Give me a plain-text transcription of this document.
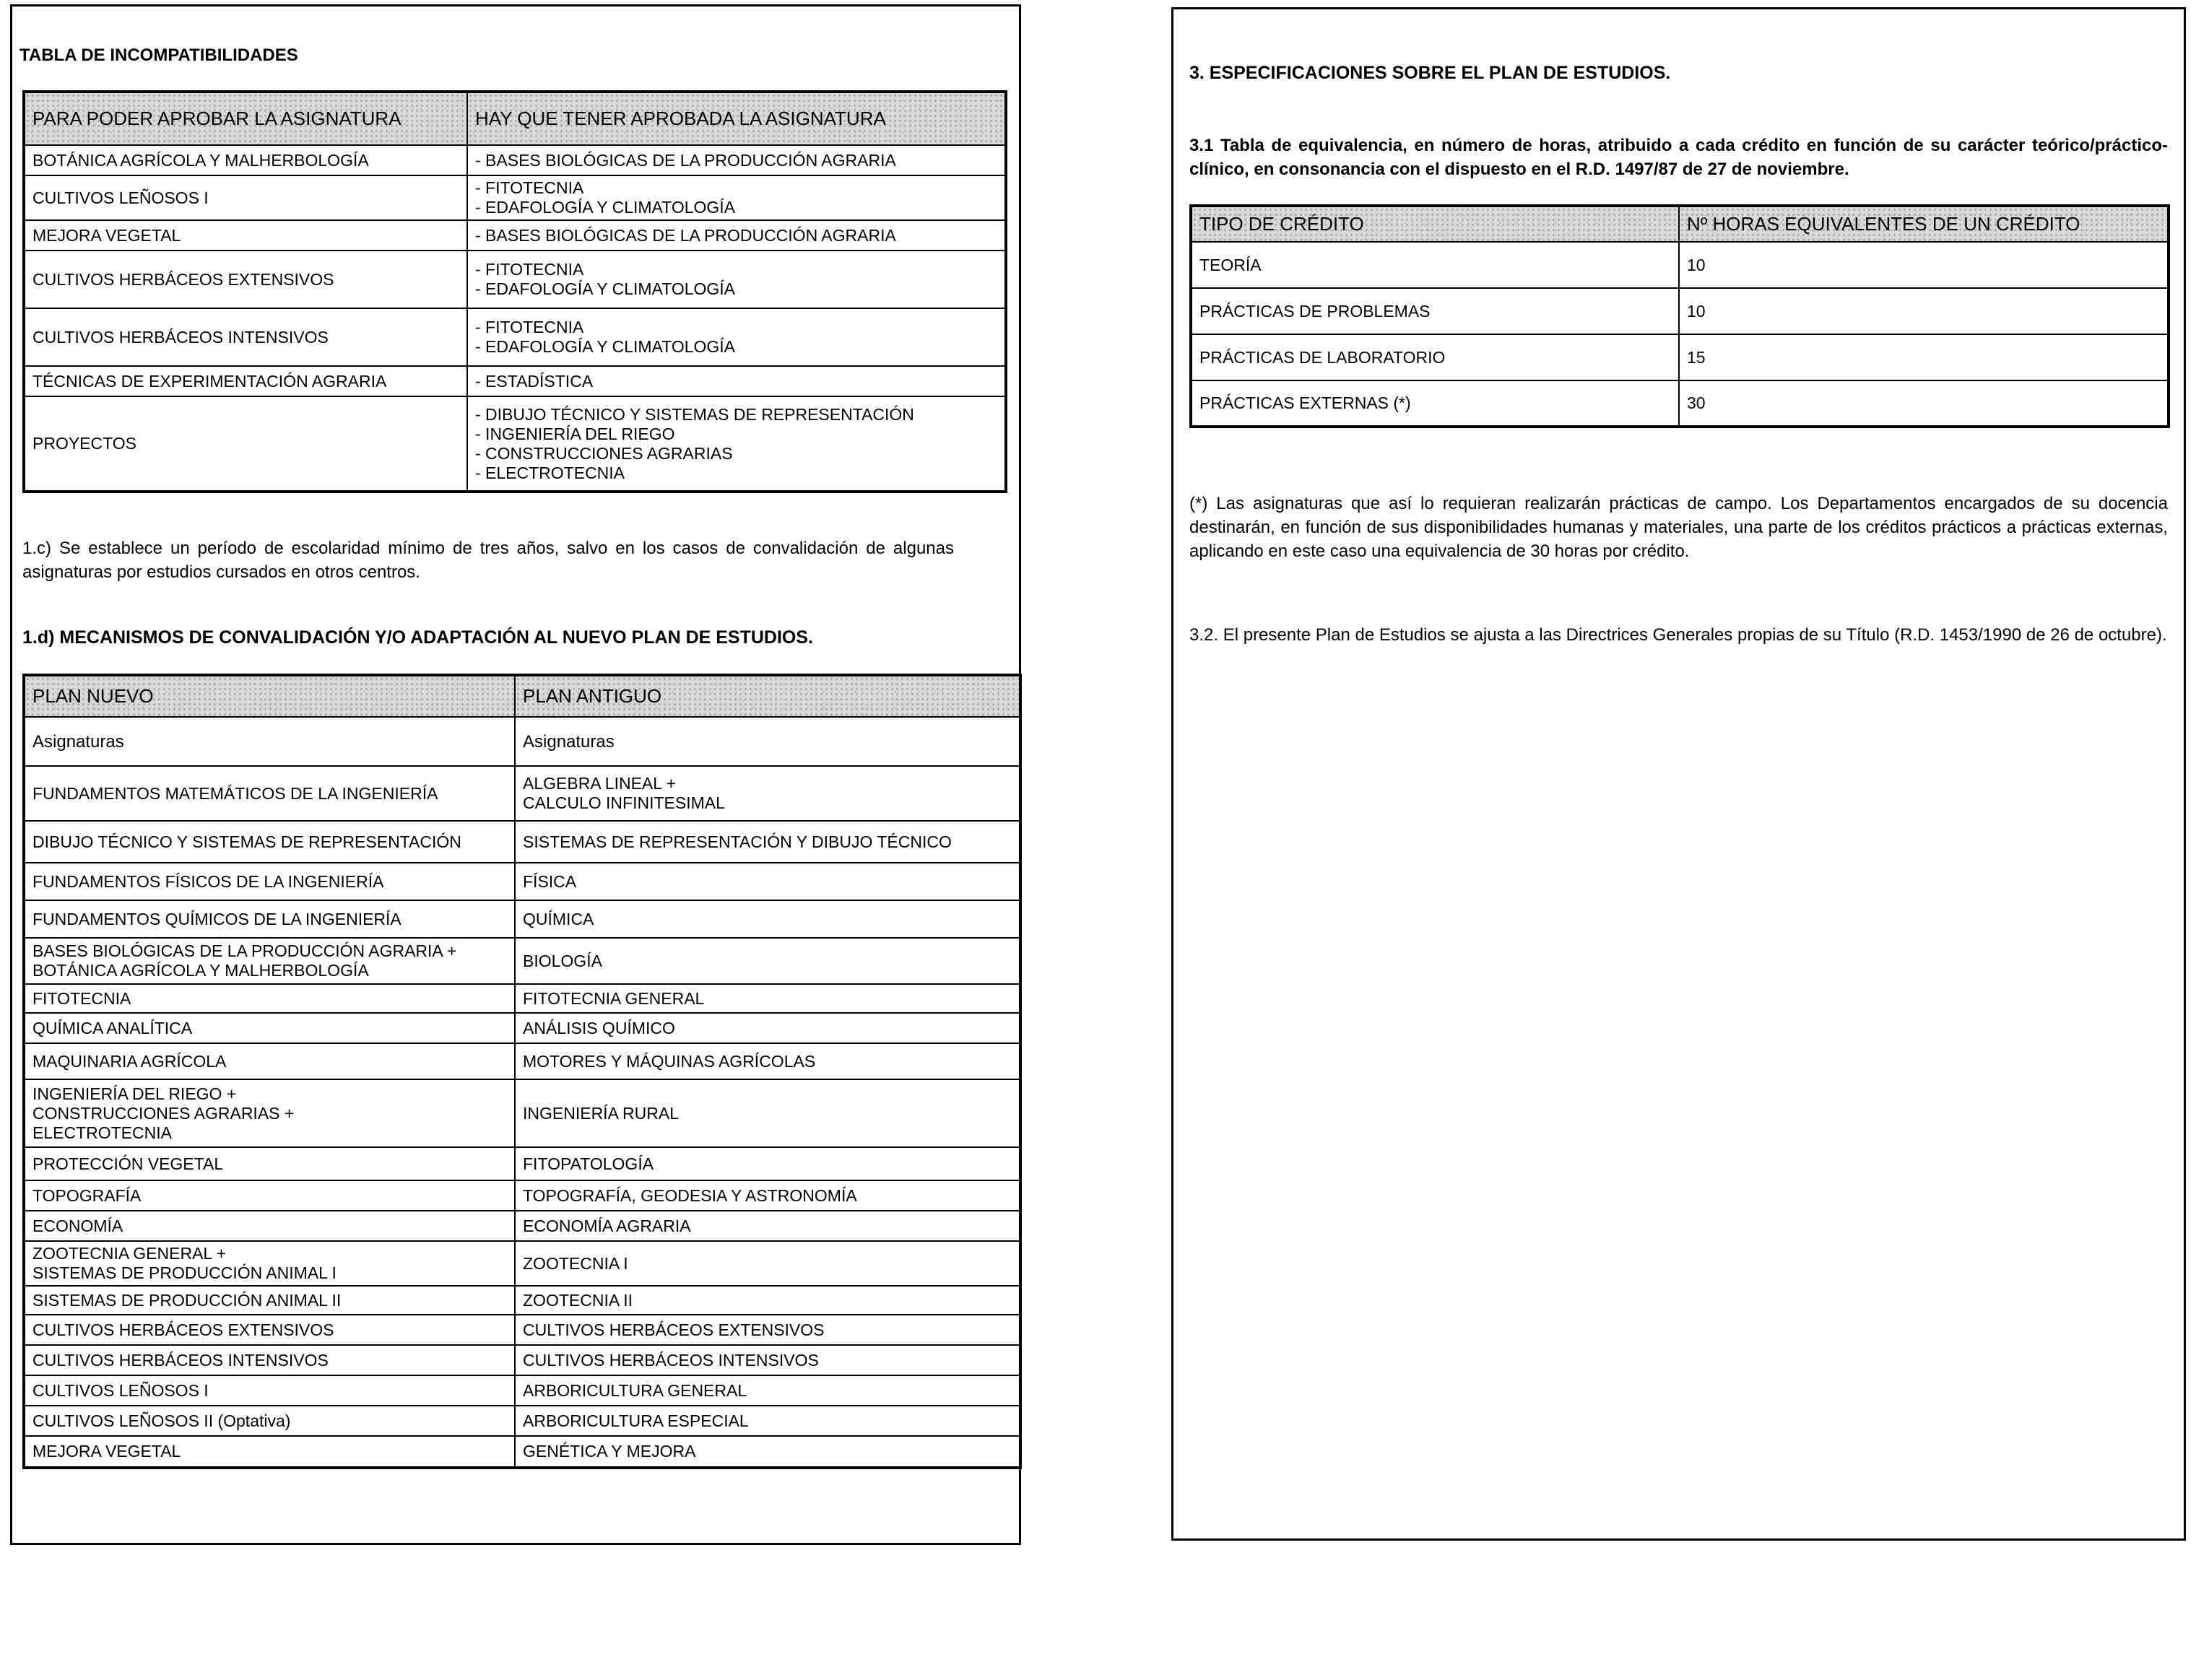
TABLA DE INCOMPATIBILIDADES
PARA PODER APROBAR LA ASIGNATURA	HAY QUE TENER APROBADA LA ASIGNATURA
BOTÁNICA AGRÍCOLA Y MALHERBOLOGÍA	- BASES BIOLÓGICAS DE LA PRODUCCIÓN AGRARIA
CULTIVOS LEÑOSOS I	- FITOTECNIA
- EDAFOLOGÍA Y CLIMATOLOGÍA
MEJORA VEGETAL	- BASES BIOLÓGICAS DE LA PRODUCCIÓN AGRARIA
CULTIVOS HERBÁCEOS EXTENSIVOS	- FITOTECNIA
- EDAFOLOGÍA Y CLIMATOLOGÍA
CULTIVOS HERBÁCEOS INTENSIVOS	- FITOTECNIA
- EDAFOLOGÍA Y CLIMATOLOGÍA
TÉCNICAS DE EXPERIMENTACIÓN AGRARIA	- ESTADÍSTICA
PROYECTOS	- DIBUJO TÉCNICO Y SISTEMAS DE REPRESENTACIÓN
- INGENIERÍA DEL RIEGO
- CONSTRUCCIONES AGRARIAS
- ELECTROTECNIA
1.c) Se establece un período de escolaridad mínimo de tres años, salvo en los casos de convalidación de algunas asignaturas por estudios cursados en otros centros.
1.d) MECANISMOS DE CONVALIDACIÓN Y/O ADAPTACIÓN AL NUEVO PLAN DE ESTUDIOS.
PLAN NUEVO	PLAN ANTIGUO
Asignaturas	Asignaturas
FUNDAMENTOS MATEMÁTICOS DE LA INGENIERÍA	ALGEBRA LINEAL +
CALCULO INFINITESIMAL
DIBUJO TÉCNICO Y SISTEMAS DE REPRESENTACIÓN	SISTEMAS DE REPRESENTACIÓN Y DIBUJO TÉCNICO
FUNDAMENTOS FÍSICOS DE LA INGENIERÍA	FÍSICA
FUNDAMENTOS QUÍMICOS DE LA INGENIERÍA	QUÍMICA
BASES BIOLÓGICAS DE LA PRODUCCIÓN AGRARIA +
BOTÁNICA AGRÍCOLA Y MALHERBOLOGÍA	BIOLOGÍA
FITOTECNIA	FITOTECNIA GENERAL
QUÍMICA ANALÍTICA	ANÁLISIS QUÍMICO
MAQUINARIA AGRÍCOLA	MOTORES Y MÁQUINAS AGRÍCOLAS
INGENIERÍA DEL RIEGO +
CONSTRUCCIONES AGRARIAS +
ELECTROTECNIA	INGENIERÍA RURAL
PROTECCIÓN VEGETAL	FITOPATOLOGÍA
TOPOGRAFÍA	TOPOGRAFÍA, GEODESIA Y ASTRONOMÍA
ECONOMÍA	ECONOMÍA AGRARIA
ZOOTECNIA GENERAL +
SISTEMAS DE PRODUCCIÓN ANIMAL I	ZOOTECNIA I
SISTEMAS DE PRODUCCIÓN ANIMAL II	ZOOTECNIA II
CULTIVOS HERBÁCEOS EXTENSIVOS	CULTIVOS HERBÁCEOS EXTENSIVOS
CULTIVOS HERBÁCEOS INTENSIVOS	CULTIVOS HERBÁCEOS INTENSIVOS
CULTIVOS LEÑOSOS I	ARBORICULTURA GENERAL
CULTIVOS LEÑOSOS II (Optativa)	ARBORICULTURA ESPECIAL
MEJORA VEGETAL	GENÉTICA Y MEJORA
3. ESPECIFICACIONES SOBRE EL PLAN DE ESTUDIOS.
3.1 Tabla de equivalencia, en número de horas, atribuido a cada crédito en función de su carácter teórico/práctico-clínico, en consonancia con el dispuesto en el R.D. 1497/87 de 27 de noviembre.
TIPO DE CRÉDITO	Nº HORAS EQUIVALENTES DE UN CRÉDITO
TEORÍA	10
PRÁCTICAS DE PROBLEMAS	10
PRÁCTICAS DE LABORATORIO	15
PRÁCTICAS EXTERNAS (*)	30
(*) Las asignaturas que así lo requieran realizarán prácticas de campo. Los Departamentos encargados de su docencia destinarán, en función de sus disponibilidades humanas y materiales, una parte de los créditos prácticos a prácticas externas, aplicando en este caso una equivalencia de 30 horas por crédito.
3.2. El presente Plan de Estudios se ajusta a las Directrices Generales propias de su Título (R.D. 1453/1990 de 26 de octubre).
